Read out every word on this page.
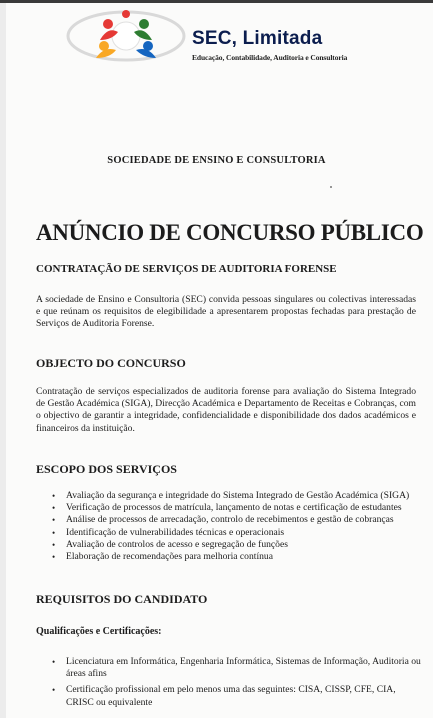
SEC, Limitada
Educação, Contabilidade, Auditoria e Consultoria
SOCIEDADE DE ENSINO E CONSULTORIA
ANÚNCIO DE CONCURSO PÚBLICO
CONTRATAÇÃO DE SERVIÇOS DE AUDITORIA FORENSE
A sociedade de Ensino e Consultoria (SEC) convida pessoas singulares ou colectivas interessadas e que reúnam os requisitos de elegibilidade a apresentarem propostas fechadas para prestação de Serviços de Auditoria Forense.
OBJECTO DO CONCURSO
Contratação de serviços especializados de auditoria forense para avaliação do Sistema Integrado de Gestão Académica (SIGA), Direcção Académica e Departamento de Receitas e Cobranças, com o objectivo de garantir a integridade, confidencialidade e disponibilidade dos dados académicos e financeiros da instituição.
ESCOPO DOS SERVIÇOS
• Avaliação da segurança e integridade do Sistema Integrado de Gestão Académica (SIGA)
• Verificação de processos de matrícula, lançamento de notas e certificação de estudantes
• Análise de processos de arrecadação, controlo de recebimentos e gestão de cobranças
• Identificação de vulnerabilidades técnicas e operacionais
• Avaliação de controlos de acesso e segregação de funções
• Elaboração de recomendações para melhoria contínua
REQUISITOS DO CANDIDATO
Qualificações e Certificações:
• Licenciatura em Informática, Engenharia Informática, Sistemas de Informação, Auditoria ou áreas afins
• Certificação profissional em pelo menos uma das seguintes: CISA, CISSP, CFE, CIA, CRISC ou equivalente
